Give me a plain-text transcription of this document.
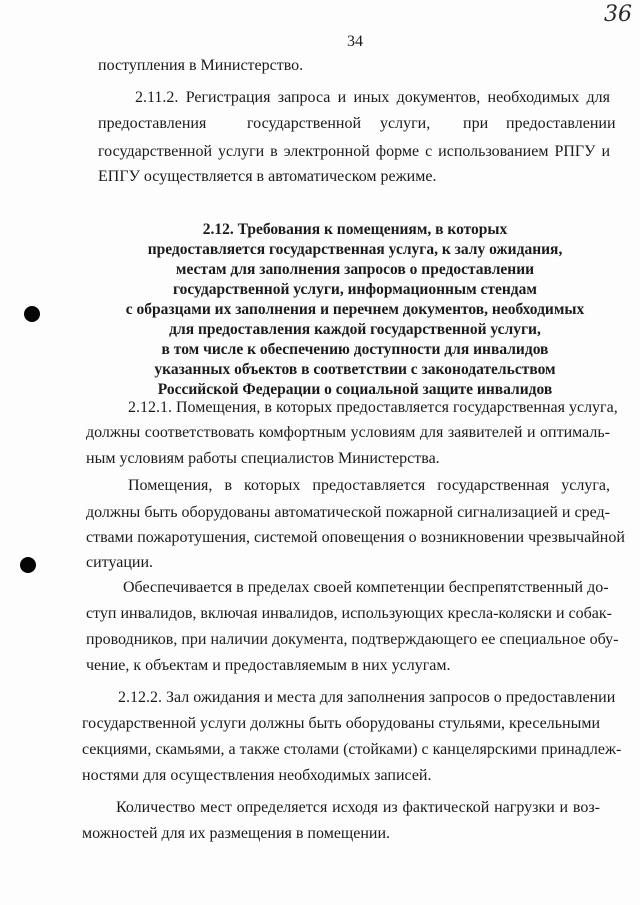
36
34
поступления в Министерство.
2.11.2. Регистрация запроса и иных документов, необходимых для
предоставления	государственной услуги, при предоставлении
государственной услуги в электронной форме с использованием РПГУ и
ЕПГУ осуществляется в автоматическом режиме.
2.12. Требования к помещениям, в которых
предоставляется государственная услуга, к залу ожидания,
местам для заполнения запросов о предоставлении
государственной услуги, информационным стендам
с образцами их заполнения и перечнем документов, необходимых
для предоставления каждой государственной услуги,
в том числе к обеспечению доступности для инвалидов
указанных объектов в соответствии с законодательством
Российской Федерации о социальной защите инвалидов
2.12.1. Помещения, в которых предоставляется государственная услуга,
должны соответствовать комфортным условиям для заявителей и оптималь-
ным условиям работы специалистов Министерства.
Помещения, в которых предоставляется государственная услуга,
должны быть оборудованы автоматической пожарной сигнализацией и сред-
ствами пожаротушения, системой оповещения о возникновении чрезвычайной
ситуации.
Обеспечивается в пределах своей компетенции беспрепятственный до-
ступ инвалидов, включая инвалидов, использующих кресла-коляски и собак-
проводников, при наличии документа, подтверждающего ее специальное обу-
чение, к объектам и предоставляемым в них услугам.
2.12.2. Зал ожидания и места для заполнения запросов о предоставлении
государственной услуги должны быть оборудованы стульями, кресельными
секциями, скамьями, а также столами (стойками) с канцелярскими принадлеж-
ностями для осуществления необходимых записей.
Количество мест определяется исходя из фактической нагрузки и воз-
можностей для их размещения в помещении.
